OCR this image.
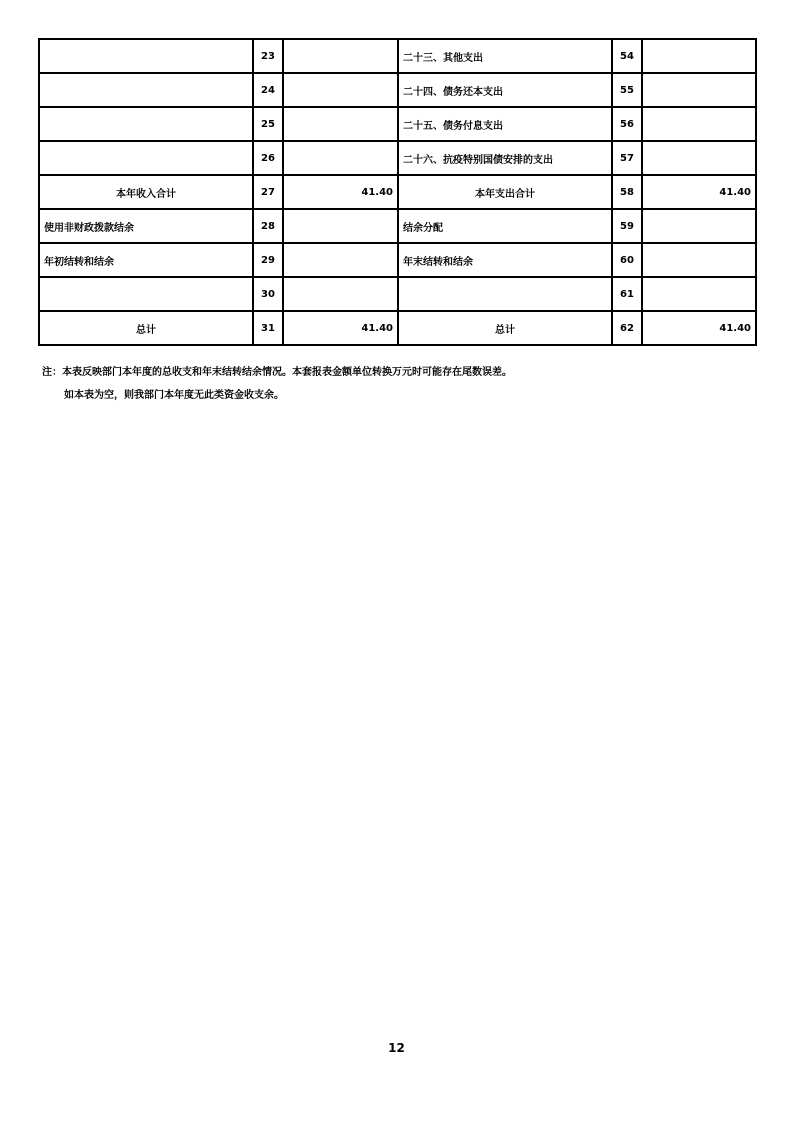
	23		二十三、其他支出	54	
	24		二十四、债务还本支出	55	
	25		二十五、债务付息支出	56	
	26		二十六、抗疫特别国债安排的支出	57	
本年收入合计	27	41.40	本年支出合计	58	41.40
使用非财政拨款结余	28		结余分配	59	
年初结转和结余	29		年末结转和结余	60	
	30			61	
总计	31	41.40	总计	62	41.40
注：本表反映部门本年度的总收支和年末结转结余情况。本套报表金额单位转换万元时可能存在尾数误差。
如本表为空，则我部门本年度无此类资金收支余。
12
